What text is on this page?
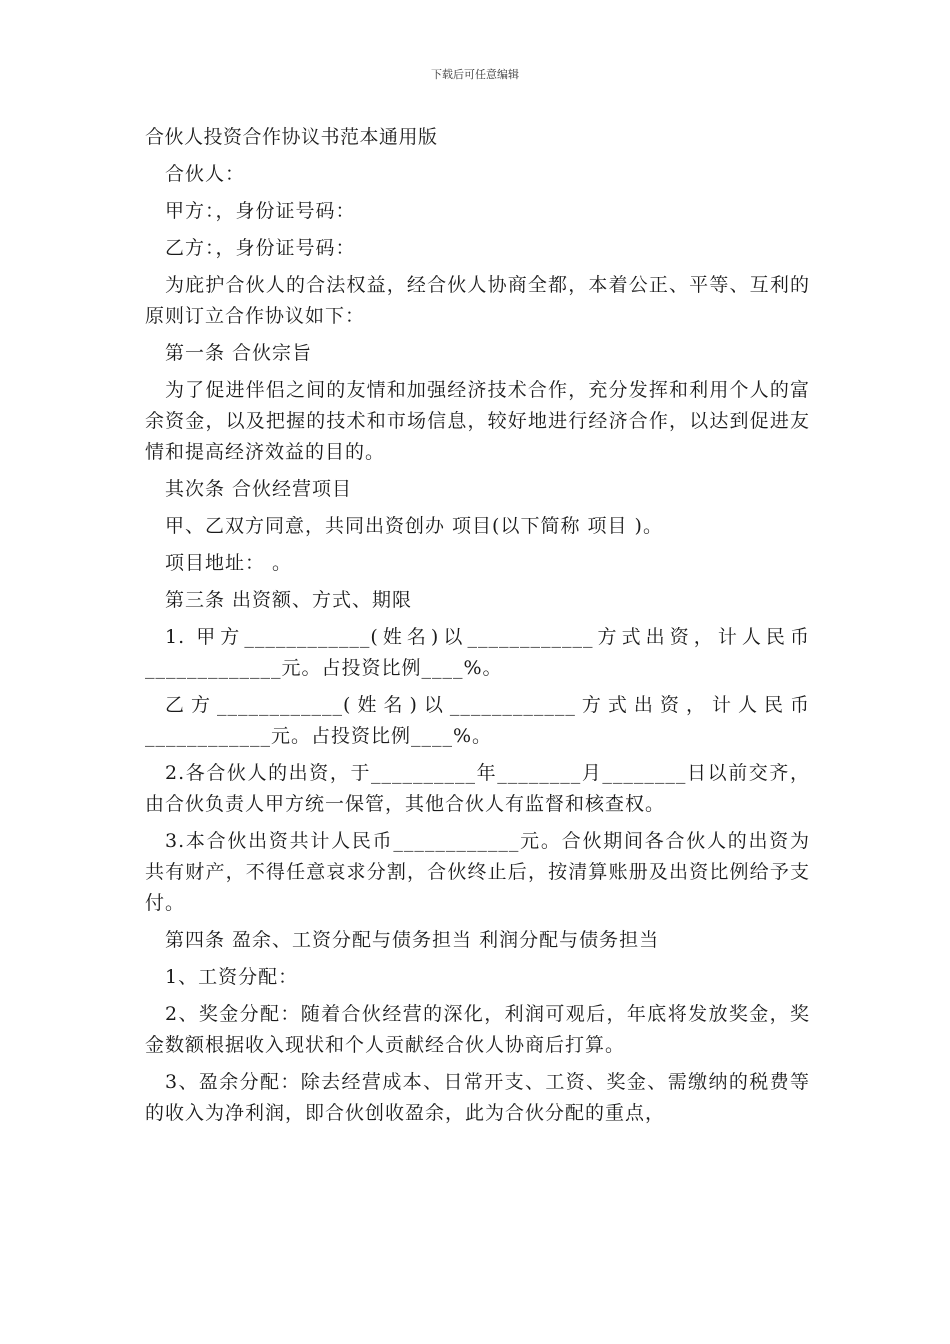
下载后可任意编辑

合伙人投资合作协议书范本通用版

合伙人：

甲方：，身份证号码：

乙方：，身份证号码：

为庇护合伙人的合法权益，经合伙人协商全都，本着公正、平等、互利的原则订立合作协议如下：

第一条 合伙宗旨

为了促进伴侣之间的友情和加强经济技术合作，充分发挥和利用个人的富余资金，以及把握的技术和市场信息，较好地进行经济合作，以达到促进友情和提高经济效益的目的。

其次条 合伙经营项目

甲、乙双方同意，共同出资创办 项目(以下简称 项目 )。

项目地址： 。

第三条 出资额、方式、期限

1. 甲方____________(姓名)以____________方式出资，计人民币_____________元。占投资比例____%。

乙方____________(姓名)以____________方式出资，计人民币____________元。占投资比例____%。

2.各合伙人的出资，于__________年________月________日以前交齐，由合伙负责人甲方统一保管，其他合伙人有监督和核查权。

3.本合伙出资共计人民币____________元。合伙期间各合伙人的出资为共有财产，不得任意哀求分割，合伙终止后，按清算账册及出资比例给予支付。

第四条 盈余、工资分配与债务担当 利润分配与债务担当

1、工资分配：

2、奖金分配：随着合伙经营的深化，利润可观后，年底将发放奖金，奖金数额根据收入现状和个人贡献经合伙人协商后打算。

3、盈余分配：除去经营成本、日常开支、工资、奖金、需缴纳的税费等的收入为净利润，即合伙创收盈余，此为合伙分配的重点，
